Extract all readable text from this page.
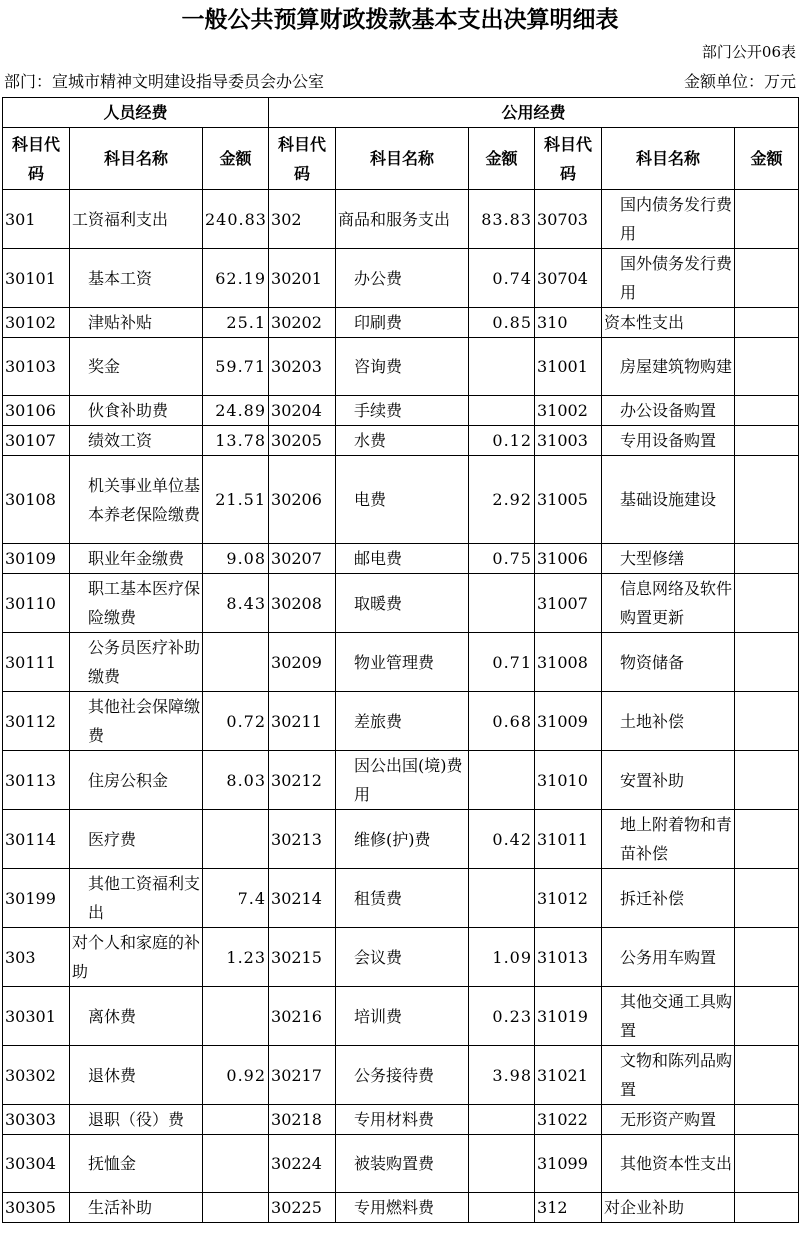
一般公共预算财政拨款基本支出决算明细表
部门公开06表
部门：宣城市精神文明建设指导委员会办公室	金额单位：万元
人员经费			公用经费					
科目代码	科目名称	金额	科目代码	科目名称	金额	科目代码	科目名称	金额
301	工资福利支出	240.83	302	商品和服务支出	83.83	30703	国内债务发行费用	
30101	基本工资	62.19	30201	办公费	0.74	30704	国外债务发行费用	
30102	津贴补贴	25.1	30202	印刷费	0.85	310	资本性支出	
30103	奖金	59.71	30203	咨询费		31001	房屋建筑物购建	
30106	伙食补助费	24.89	30204	手续费		31002	办公设备购置	
30107	绩效工资	13.78	30205	水费	0.12	31003	专用设备购置	
30108	机关事业单位基本养老保险缴费	21.51	30206	电费	2.92	31005	基础设施建设	
30109	职业年金缴费	9.08	30207	邮电费	0.75	31006	大型修缮	
30110	职工基本医疗保险缴费	8.43	30208	取暖费		31007	信息网络及软件购置更新	
30111	公务员医疗补助缴费		30209	物业管理费	0.71	31008	物资储备	
30112	其他社会保障缴费	0.72	30211	差旅费	0.68	31009	土地补偿	
30113	住房公积金	8.03	30212	因公出国(境)费用		31010	安置补助	
30114	医疗费		30213	维修(护)费	0.42	31011	地上附着物和青苗补偿	
30199	其他工资福利支出	7.4	30214	租赁费		31012	拆迁补偿	
303	对个人和家庭的补助	1.23	30215	会议费	1.09	31013	公务用车购置	
30301	离休费		30216	培训费	0.23	31019	其他交通工具购置	
30302	退休费	0.92	30217	公务接待费	3.98	31021	文物和陈列品购置	
30303	退职（役）费		30218	专用材料费		31022	无形资产购置	
30304	抚恤金		30224	被装购置费		31099	其他资本性支出	
30305	生活补助		30225	专用燃料费		312	对企业补助	
